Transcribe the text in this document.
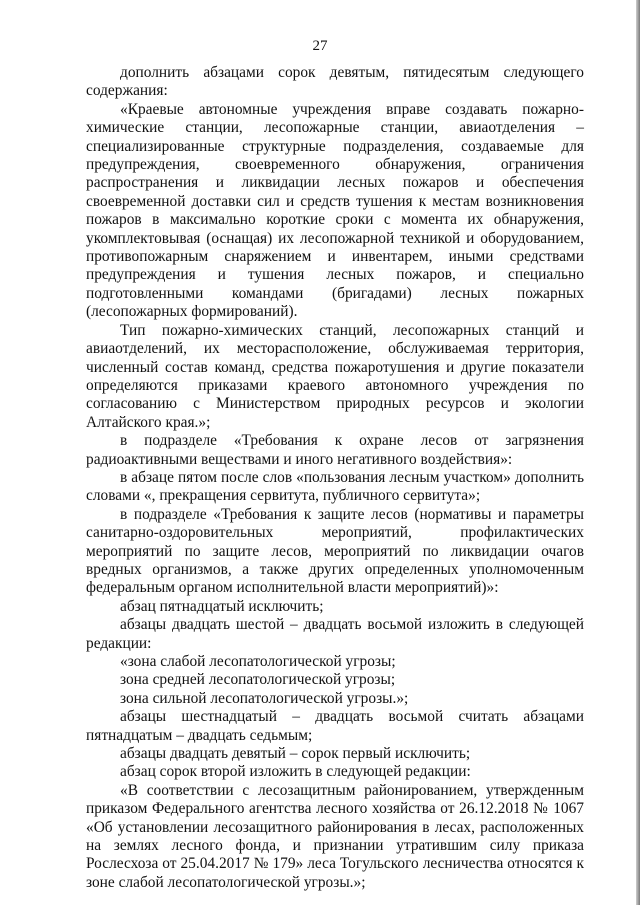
27

дополнить абзацами сорок девятым, пятидесятым следующего содержания:

«Краевые автономные учреждения вправе создавать пожарно-химические станции, лесопожарные станции, авиаотделения – специализированные структурные подразделения, создаваемые для предупреждения, своевременного обнаружения, ограничения распространения и ликвидации лесных пожаров и обеспечения своевременной доставки сил и средств тушения к местам возникновения пожаров в максимально короткие сроки с момента их обнаружения, укомплектовывая (оснащая) их лесопожарной техникой и оборудованием, противопожарным снаряжением и инвентарем, иными средствами предупреждения и тушения лесных пожаров, и специально подготовленными командами (бригадами) лесных пожарных (лесопожарных формирований).

Тип пожарно-химических станций, лесопожарных станций и авиаотделений, их месторасположение, обслуживаемая территория, численный состав команд, средства пожаротушения и другие показатели определяются приказами краевого автономного учреждения по согласованию с Министерством природных ресурсов и экологии Алтайского края.»;

в подразделе «Требования к охране лесов от загрязнения радиоактивными веществами и иного негативного воздействия»:

в абзаце пятом после слов «пользования лесным участком» дополнить словами «, прекращения сервитута, публичного сервитута»;

в подразделе «Требования к защите лесов (нормативы и параметры санитарно-оздоровительных мероприятий, профилактических мероприятий по защите лесов, мероприятий по ликвидации очагов вредных организмов, а также других определенных уполномоченным федеральным органом исполнительной власти мероприятий)»:

абзац пятнадцатый исключить;

абзацы двадцать шестой – двадцать восьмой изложить в следующей редакции:

«зона слабой лесопатологической угрозы;

зона средней лесопатологической угрозы;

зона сильной лесопатологической угрозы.»;

абзацы шестнадцатый – двадцать восьмой считать абзацами пятнадцатым – двадцать седьмым;

абзацы двадцать девятый – сорок первый исключить;

абзац сорок второй изложить в следующей редакции:

«В соответствии с лесозащитным районированием, утвержденным приказом Федерального агентства лесного хозяйства от 26.12.2018 № 1067 «Об установлении лесозащитного районирования в лесах, расположенных на землях лесного фонда, и признании утратившим силу приказа Рослесхоза от 25.04.2017 № 179» леса Тогульского лесничества относятся к зоне слабой лесопатологической угрозы.»;
